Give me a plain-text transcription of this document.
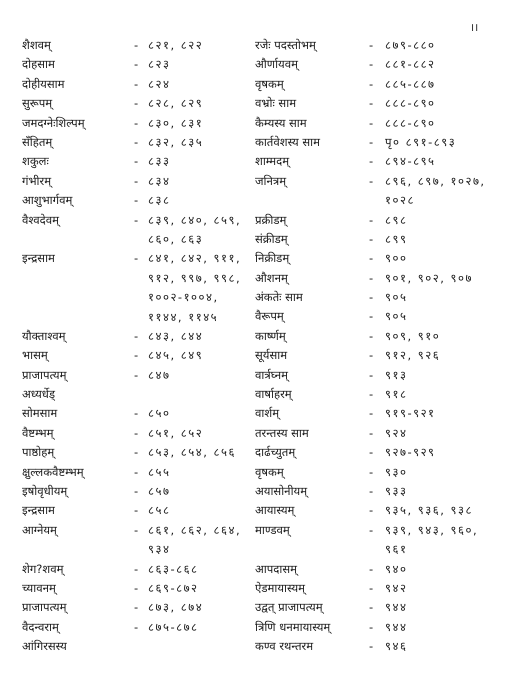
।।
शैशवम्	- ८२१, ८२२
दोहसाम	- ८२३
दोहीयसाम	- ८२४
सुरूपम्	- ८२८, ८२९
जमदग्नेःशिल्पम्	- ८३०, ८३१
सँहितम्	- ८३२, ८३५
शकुलः	- ८३३
गंभीरम्	- ८३४
आशुभार्गवम्	- ८३८
वैश्वदेवम्	- ८३९, ८४०, ८५९, ८६०, ८६३
इन्द्रसाम	- ८४१, ८४२, ९११, ९१२, ९९७, ९९८, १००२-१००४, ११४४, ११४५
यौक्ताश्वम्	- ८४३, ८४४
भासम्	- ८४५, ८४९
प्राजापत्यम्	- ८४७
अध्यर्धेड्
सोमसाम	- ८५०
वैष्टम्भम्	- ८५१, ८५२
पाष्ठोहम्	- ८५३, ८५४, ८५६
क्षुल्लकवैष्टम्भम्	- ८५५
इषोवृधीयम्	- ८५७
इन्द्रसाम	- ८५८
आग्नेयम्	- ८६१, ८६२, ८६४, ९३४
शेग?शवम्	- ८६३-८६८
च्यावनम्	- ८६९-८७२
प्राजापत्यम्	- ८७३, ८७४
वैदन्वराम्	- ८७५-८७८
आंगिरसस्य
रजेः पदस्तोभम्	- ८७९-८८०
और्णायवम्	- ८८१-८८२
वृषकम्	- ८८५-८८७
वभ्रोः साम	- ८८८-८९०
कैम्यस्य साम	- ८८८-८९०
कार्तवेशस्य साम	- पृ० ८९१-८९३
शाम्मदम्	- ८९४-८९५
जनित्रम्	- ८९६, ८९७, १०२७, १०२८
प्रक्रीडम्	- ८९८
संक्रीडम्	- ८९९
निक्रीडम्	- ९००
औशनम्	- ९०१, ९०२, ९०७
अंकतेः साम	- ९०५
वैरूपम्	- ९०५
कार्ष्णम्	- ९०९, ९१०
सूर्यसाम	- ९१२, ९२६
वार्त्रघ्नम्	- ९१३
वार्षाहरम्	- ९१८
वार्शम्	- ९१९-९२१
तरन्तस्य साम	- ९२४
दार्ढच्युतम्	- ९२७-९२९
वृषकम्	- ९३०
अयासोनीयम्	- ९३३
आयास्यम्	- ९३५, ९३६, ९३८
माण्डवम्	- ९३९, ९४३, ९६०, ९६१
आपदासम्	- ९४०
ऐडमायास्यम्	- ९४२
उद्वत् प्राजापत्यम्	- ९४४
त्रिणि धनमायास्यम्	- ९४४
कण्व रथन्तरम	- ९४६
